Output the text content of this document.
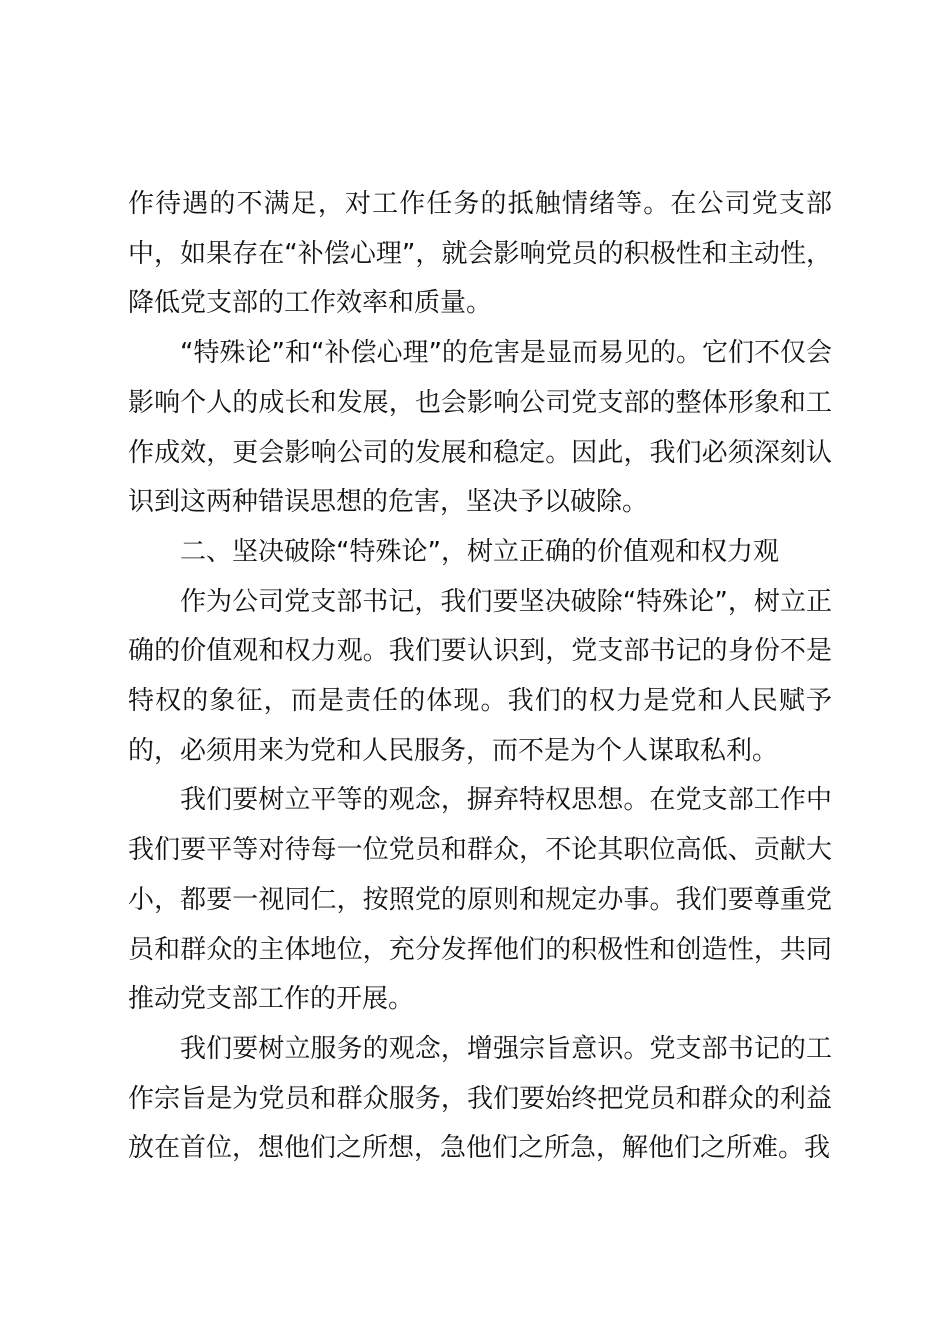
作待遇的不满足，对工作任务的抵触情绪等。在公司党支部中，如果存在“补偿心理”，就会影响党员的积极性和主动性，降低党支部的工作效率和质量。

“特殊论”和“补偿心理”的危害是显而易见的。它们不仅会影响个人的成长和发展，也会影响公司党支部的整体形象和工作成效，更会影响公司的发展和稳定。因此，我们必须深刻认识到这两种错误思想的危害，坚决予以破除。

二、坚决破除“特殊论”，树立正确的价值观和权力观

作为公司党支部书记，我们要坚决破除“特殊论”，树立正确的价值观和权力观。我们要认识到，党支部书记的身份不是特权的象征，而是责任的体现。我们的权力是党和人民赋予的，必须用来为党和人民服务，而不是为个人谋取私利。

我们要树立平等的观念，摒弃特权思想。在党支部工作中我们要平等对待每一位党员和群众，不论其职位高低、贡献大小，都要一视同仁，按照党的原则和规定办事。我们要尊重党员和群众的主体地位，充分发挥他们的积极性和创造性，共同推动党支部工作的开展。

我们要树立服务的观念，增强宗旨意识。党支部书记的工作宗旨是为党员和群众服务，我们要始终把党员和群众的利益放在首位，想他们之所想，急他们之所急，解他们之所难。我
